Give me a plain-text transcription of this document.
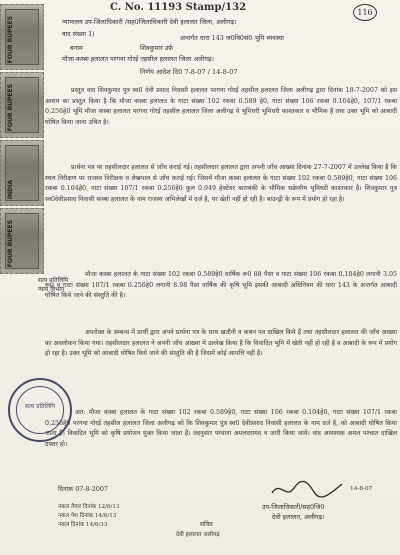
FOUR RUPEES
FOUR RUPEES
INDIA
FOUR RUPEES
सत्य प्रतिलिपि
न्याय विभाग
C. No. 11193 Stamp/132	116
न्यायालय उप-जिलाधिकारी /सह0जिलाधिकारी देवी हलालत जिला, अलीगढ़।
वाद संख्या 1)	अन्तर्गत धारा 143 ज0वि0सं0 भूमि व्यवस्था
बनाम	शिवकुमार उर्फ़
मौजा-कस्बा हलालत परगना गोरई तहसील हलालत जिला अलीगढ़।
निर्णय आदेश दि0 7-8-07 / 14-8-07
प्रस्तुत वाद शिवकुमार पुत्र स्व0 देवी प्रसाद निवासी हलालत परगना गोरई तहसील हलालत जिला अलीगढ़ द्वारा दिनांक 18-7-2007 को इस आशय का प्रस्तुत किया है कि मौजा कस्बा हलालत के गाटा संख्या 102 रकबा 0.589 हे0, गाटा संख्या 106 रकबा 0.104हे0, 107/1 रकबा 0.256हे0 भूमि मौजा कस्बा हलालत परगना गोरई तहसील हलालत जिला अलीगढ़ वे भूमिधरी भूमिधरी काश्तकार व भौमिक है तथा उक्त भूमि को आबादी घोषित किया जाना उचित है।
प्रार्थना पत्र पर तहसीलदार हलालत से जाँच कराई गई। तहसीलदार हलालत द्वारा अपनी जाँच आख्या दिनांक 27-7-2007 में उल्लेख किया है कि स्थल निरीक्षण पर राजस्व निरीक्षक व लेखपाल से जाँच कराई गई। जिसमें मौजा कस्बा हलालत के गाटा संख्या 102 रकबा 0.589हे0, गाटा संख्या 106 रकबा 0.104हे0, गाटा संख्या 107/1 रकबा 0.256हे0 कुल 0.949 हेक्टेयर बाराबंकी के भौमिक सक्रेणीय भूमिधरी काश्तकार है। शिवकुमार पुत्र स्व0देवीप्रसाद निवासी कस्बा हलालत के नाम राजस्व अभिलेखों में दर्ज है, पर खेती नहीं हो रही है। बाउन्ड्री के रूप में प्रयोग हो रहा है।
मौजा कस्बा हलालत के गाटा संख्या 102 रकबा 0.589हे0 वार्षिक रू0 88 पैसा व गाटा संख्या 106 रकबा 0.104हे0 लगानी 3.05 रू0 व गाटा संख्या 107/1 रकबा 0.256हे0 लगानी 8.98 पैसा वार्षिक की कृषि भूमि इसकी आबादी अधिनियम की धारा 143 के अन्तर्गत आबादी घोषित किये जाने की संस्तुति की है।
अपरोक्त के सम्बन्ध में प्रार्थी द्वारा अपने प्रार्थना पत्र के साथ खतौनी व कथन पत्र दाखिल किये हैं तथा तहसीलदार हलालत की जाँच आख्या का अवलोकन किया गया। तहसीलदार हलालत ने अपनी जाँच आख्या में उल्लेख किया है कि विवादित भूमि में खेती नहीं हो रही है व आबादी के रूप में प्रयोग हो रहा है। उक्त भूमि को आबादी घोषित किये जाने की संस्तुति की है जिसमें कोई आपत्ति नहीं है।
अत: मौजा कस्बा हलालत के गाटा संख्या 102 रकबा 0.589हे0, गाटा संख्या 106 रकबा 0.104हे0, गाटा संख्या 107/1 रकबा 0.256हे0 परगना गोरई तहसील हलालत जिला अलीगढ़ को कि शिवकुमार पुत्र स्व0 देवीप्रसाद निवासी हलालत के नाम दर्ज है, को आबादी घोषित किया जाता है। विवादित भूमि को कृषि प्रयोजन मुक्त किया जाता है। तदनुसार परवाना अमलदरामद व जारी किया जाये। वाद आवश्यक अमल पश्चात दाखिल दफ्तर हो।
सत्य प्रतिलिपि
दिनांक 07-8-2007
नकल तैयार दिनांक 12/6/13
नकल पेश दिनांक 14/6/13
नकल दिनांक 14/6/13
14-8-07
उप-जिलाधिकारी/सह0जि0
देवी हलालत, अलीगढ़।
सचिव
देवी हलालत अलीगढ़
